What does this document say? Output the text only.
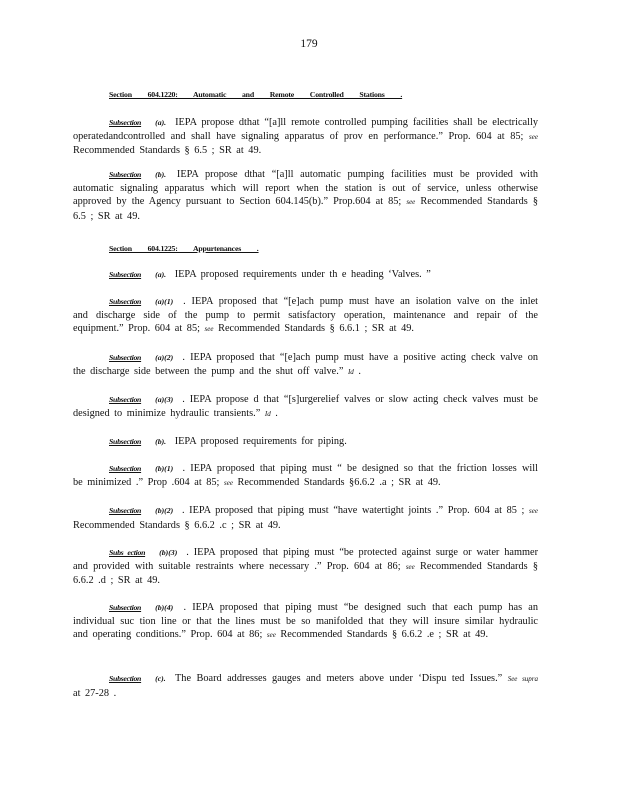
179
Section 604.1220: Automatic and Remote Controlled Stations .
Subsection (a). IEPA propose dthat “[a]ll remote controlled pumping facilities shall be electrically operatedandcontrolled and shall have signaling apparatus of prov en performance.” Prop. 604 at 85; see Recommended Standards § 6.5 ; SR at 49.
Subsection (b). IEPA propose dthat “[a]ll automatic pumping facilities must be provided with automatic signaling apparatus which will report when the station is out of service, unless otherwise approved by the Agency pursuant to Section 604.145(b).” Prop.604 at 85; see Recommended Standards § 6.5 ; SR at 49.
Section 604.1225: Appurtenances .
Subsection (a). IEPA proposed requirements under th e heading ‘Valves. ”
Subsection (a)(1) . IEPA proposed that “[e]ach pump must have an isolation valve on the inlet and discharge side of the pump to permit satisfactory operation, maintenance and repair of the equipment.” Prop. 604 at 85; see Recommended Standards § 6.6.1 ; SR at 49.
Subsection (a)(2) . IEPA proposed that “[e]ach pump must have a positive acting check valve on the discharge side between the pump and the shut off valve.” Id .
Subsection (a)(3) . IEPA propose d that “[s]urgerelief valves or slow acting check valves must be designed to minimize hydraulic transients.” Id .
Subsection (b). IEPA proposed requirements for piping.
Subsection (b)(1) . IEPA proposed that piping must “ be designed so that the friction losses will be minimized .” Prop .604 at 85; see Recommended Standards §6.6.2 .a ; SR at 49.
Subsection (b)(2) . IEPA proposed that piping must “have watertight joints .” Prop. 604 at 85 ; see Recommended Standards § 6.6.2 .c ; SR at 49.
Subs ection (b)(3) . IEPA proposed that piping must “be protected against surge or water hammer and provided with suitable restraints where necessary .” Prop. 604 at 86; see Recommended Standards § 6.6.2 .d ; SR at 49.
Subsection (b)(4) . IEPA proposed that piping must “be designed such that each pump has an individual suc tion line or that the lines must be so manifolded that they will insure similar hydraulic and operating conditions.” Prop. 604 at 86; see Recommended Standards § 6.6.2 .e ; SR at 49.
Subsection (c). The Board addresses gauges and meters above under ‘Dispu ted Issues.” See supra at 27-28 .
